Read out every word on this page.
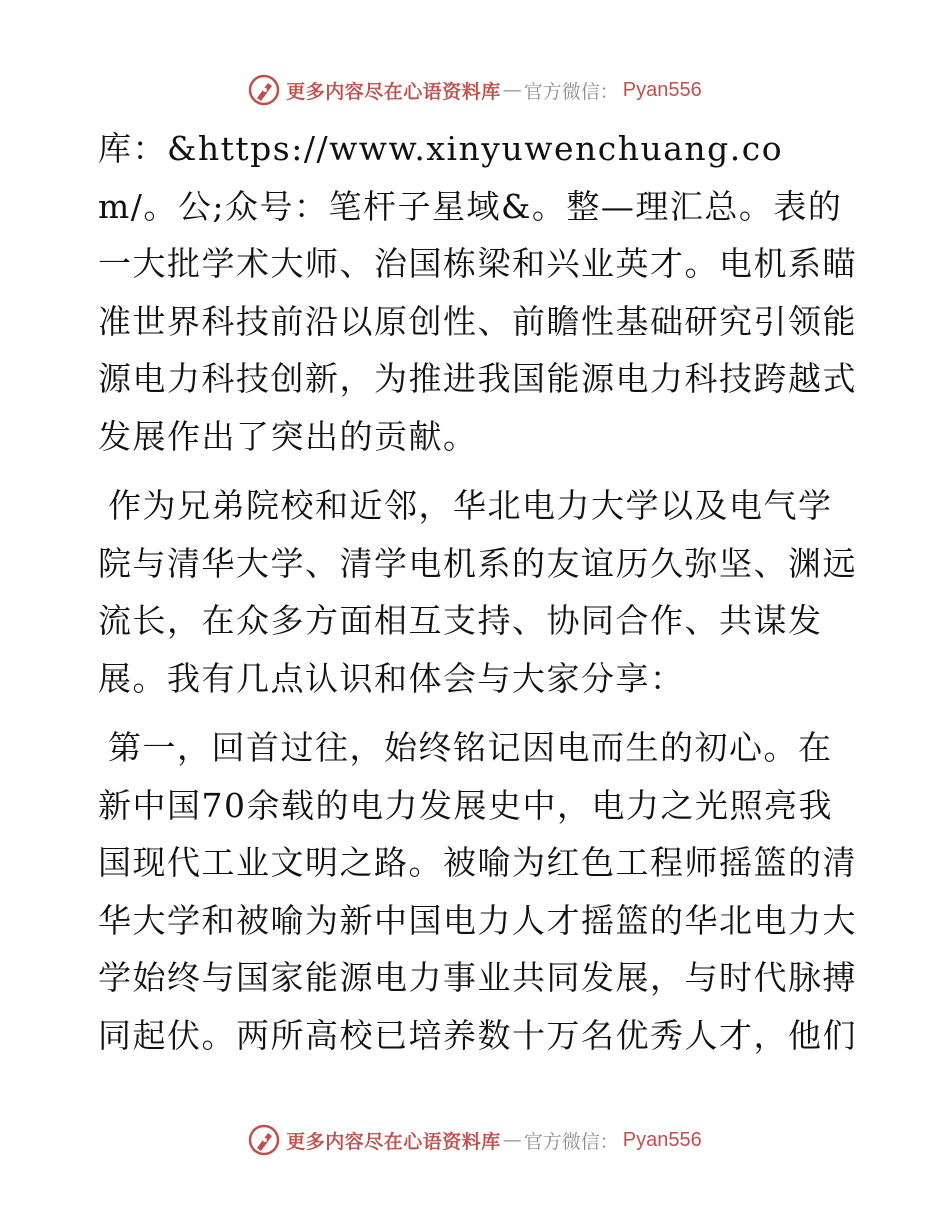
更多内容尽在心语资料库 — 官方微信： Pyan556

库：&https://www.xinyuwenchuang.com/。公;众号：笔杆子星域&。整—理汇总。表的一大批学术大师、治国栋梁和兴业英才。电机系瞄准世界科技前沿以原创性、前瞻性基础研究引领能源电力科技创新，为推进我国能源电力科技跨越式发展作出了突出的贡献。

作为兄弟院校和近邻，华北电力大学以及电气学院与清华大学、清学电机系的友谊历久弥坚、渊远流长，在众多方面相互支持、协同合作、共谋发展。我有几点认识和体会与大家分享：

第一，回首过往，始终铭记因电而生的初心。在新中国70余载的电力发展史中，电力之光照亮我国现代工业文明之路。被喻为红色工程师摇篮的清华大学和被喻为新中国电力人才摇篮的华北电力大学始终与国家能源电力事业共同发展，与时代脉搏同起伏。两所高校已培养数十万名优秀人才，他们

更多内容尽在心语资料库 — 官方微信： Pyan556
